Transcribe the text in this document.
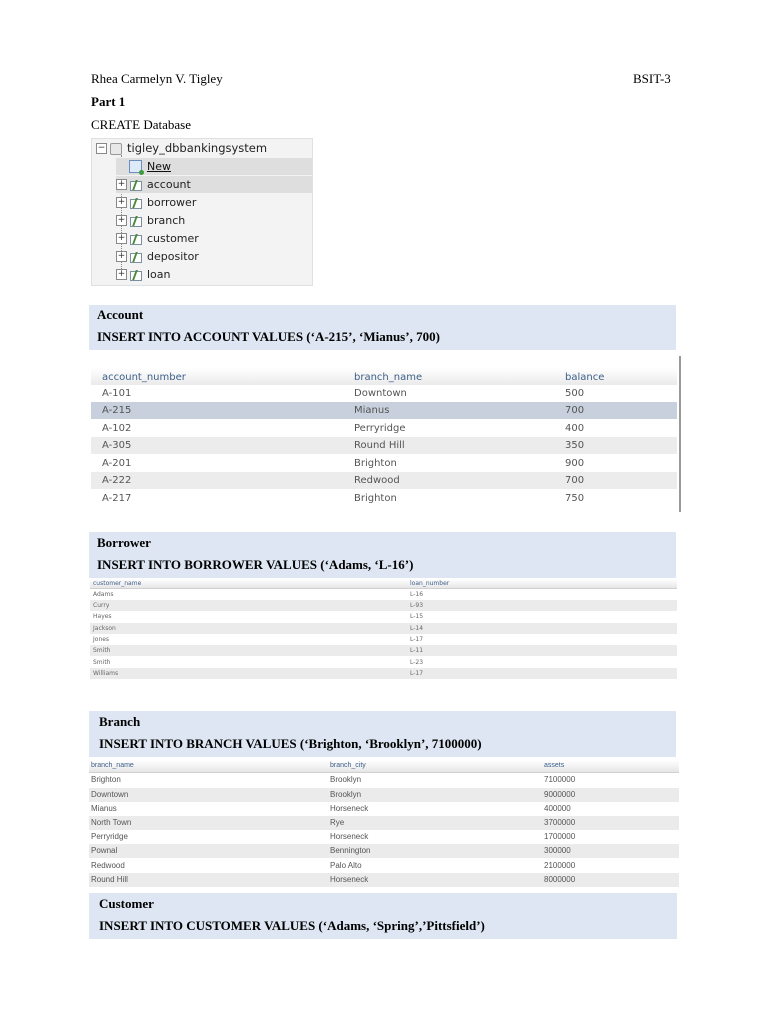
Rhea Carmelyn V. Tigley	BSIT-3
Part 1
CREATE Database
− tigley_dbbankingsystem
New
+ account
+ borrower
+ branch
+ customer
+ depositor
+ loan
Account
INSERT INTO ACCOUNT VALUES (‘A-215’, ‘Mianus’, 700)
account_number	branch_name	balance
A-101	Downtown	500
A-215	Mianus	700
A-102	Perryridge	400
A-305	Round Hill	350
A-201	Brighton	900
A-222	Redwood	700
A-217	Brighton	750
Borrower
INSERT INTO BORROWER VALUES (‘Adams, ‘L-16’)
customer_name	loan_number
Adams	L-16
Curry	L-93
Hayes	L-15
Jackson	L-14
Jones	L-17
Smith	L-11
Smith	L-23
Williams	L-17
Branch
INSERT INTO BRANCH VALUES (‘Brighton, ‘Brooklyn’, 7100000)
branch_name	branch_city	assets
Brighton	Brooklyn	7100000
Downtown	Brooklyn	9000000
Mianus	Horseneck	400000
North Town	Rye	3700000
Perryridge	Horseneck	1700000
Pownal	Bennington	300000
Redwood	Palo Alto	2100000
Round Hill	Horseneck	8000000
Customer
INSERT INTO CUSTOMER VALUES (‘Adams, ‘Spring’,’Pittsfield’)
